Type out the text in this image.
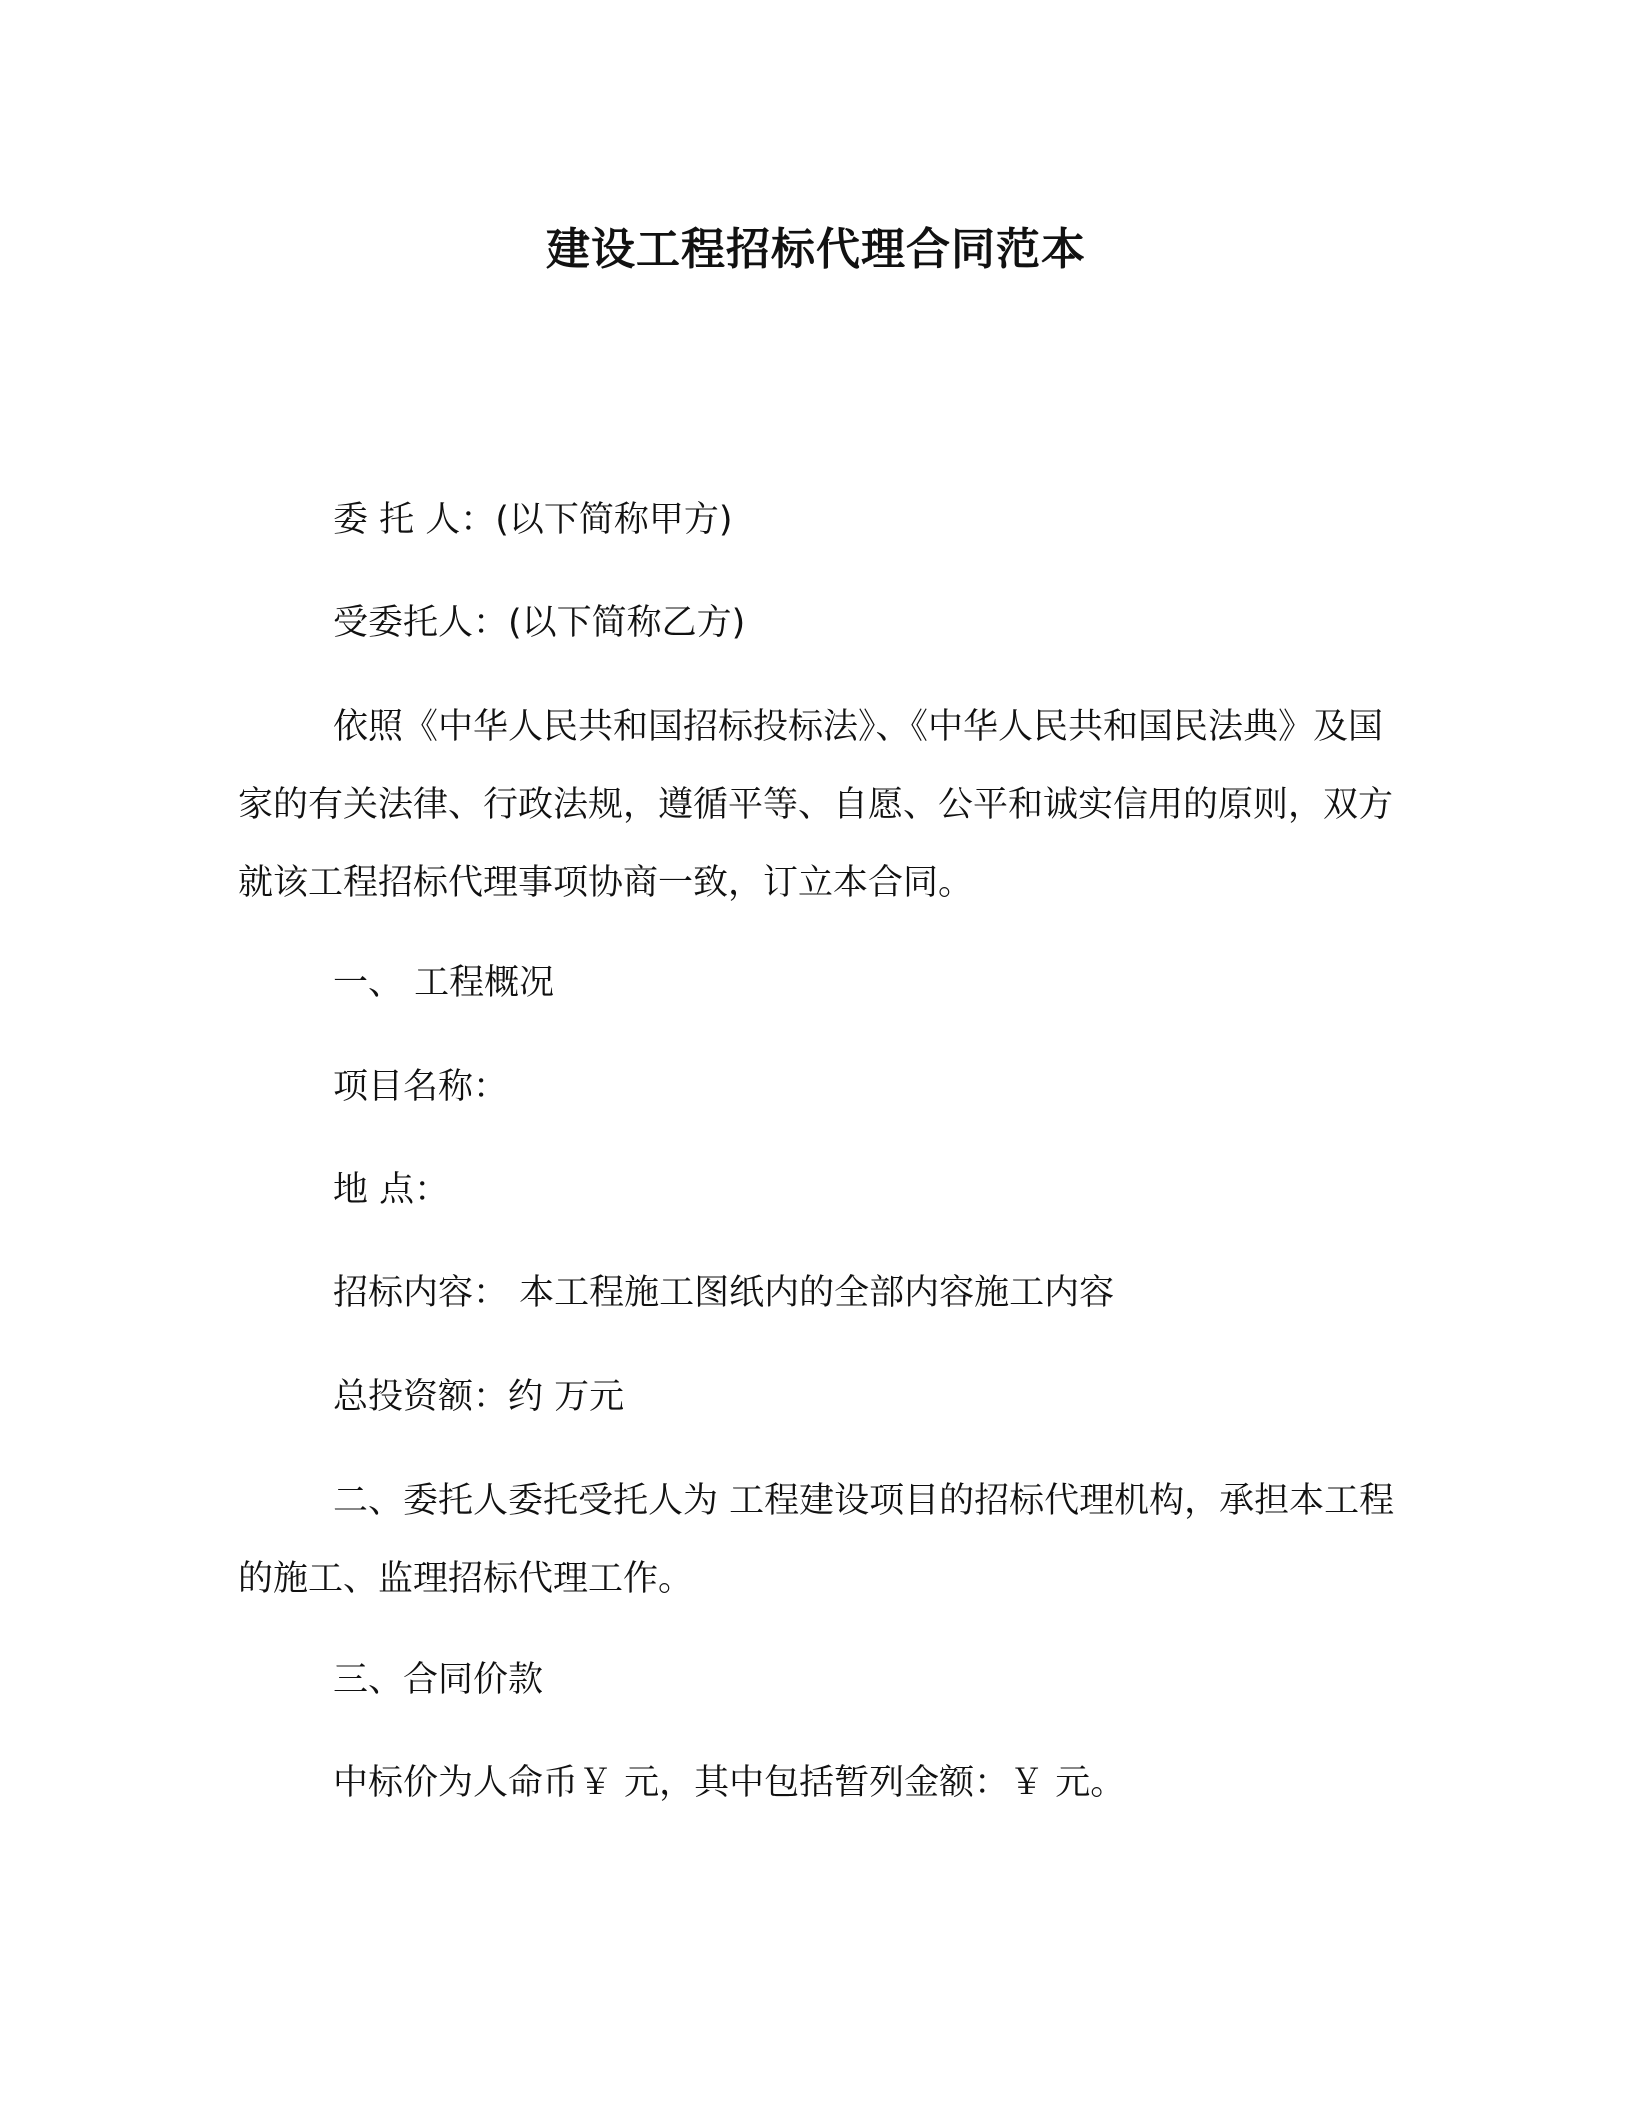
建设工程招标代理合同范本
委 托 人：(以下简称甲方)
受委托人：(以下简称乙方)

依照《中华人民共和国招标投标法》、《中华人民共和国民法典》及国家的有关法律、行政法规，遵循平等、自愿、公平和诚实信用的原则，双方就该工程招标代理事项协商一致，订立本合同。

一、 工程概况
项目名称：
地 点：
招标内容： 本工程施工图纸内的全部内容施工内容
总投资额：约 万元

二、委托人委托受托人为 工程建设项目的招标代理机构，承担本工程的施工、监理招标代理工作。

三、合同价款
中标价为人命币￥ 元，其中包括暂列金额：￥ 元。
